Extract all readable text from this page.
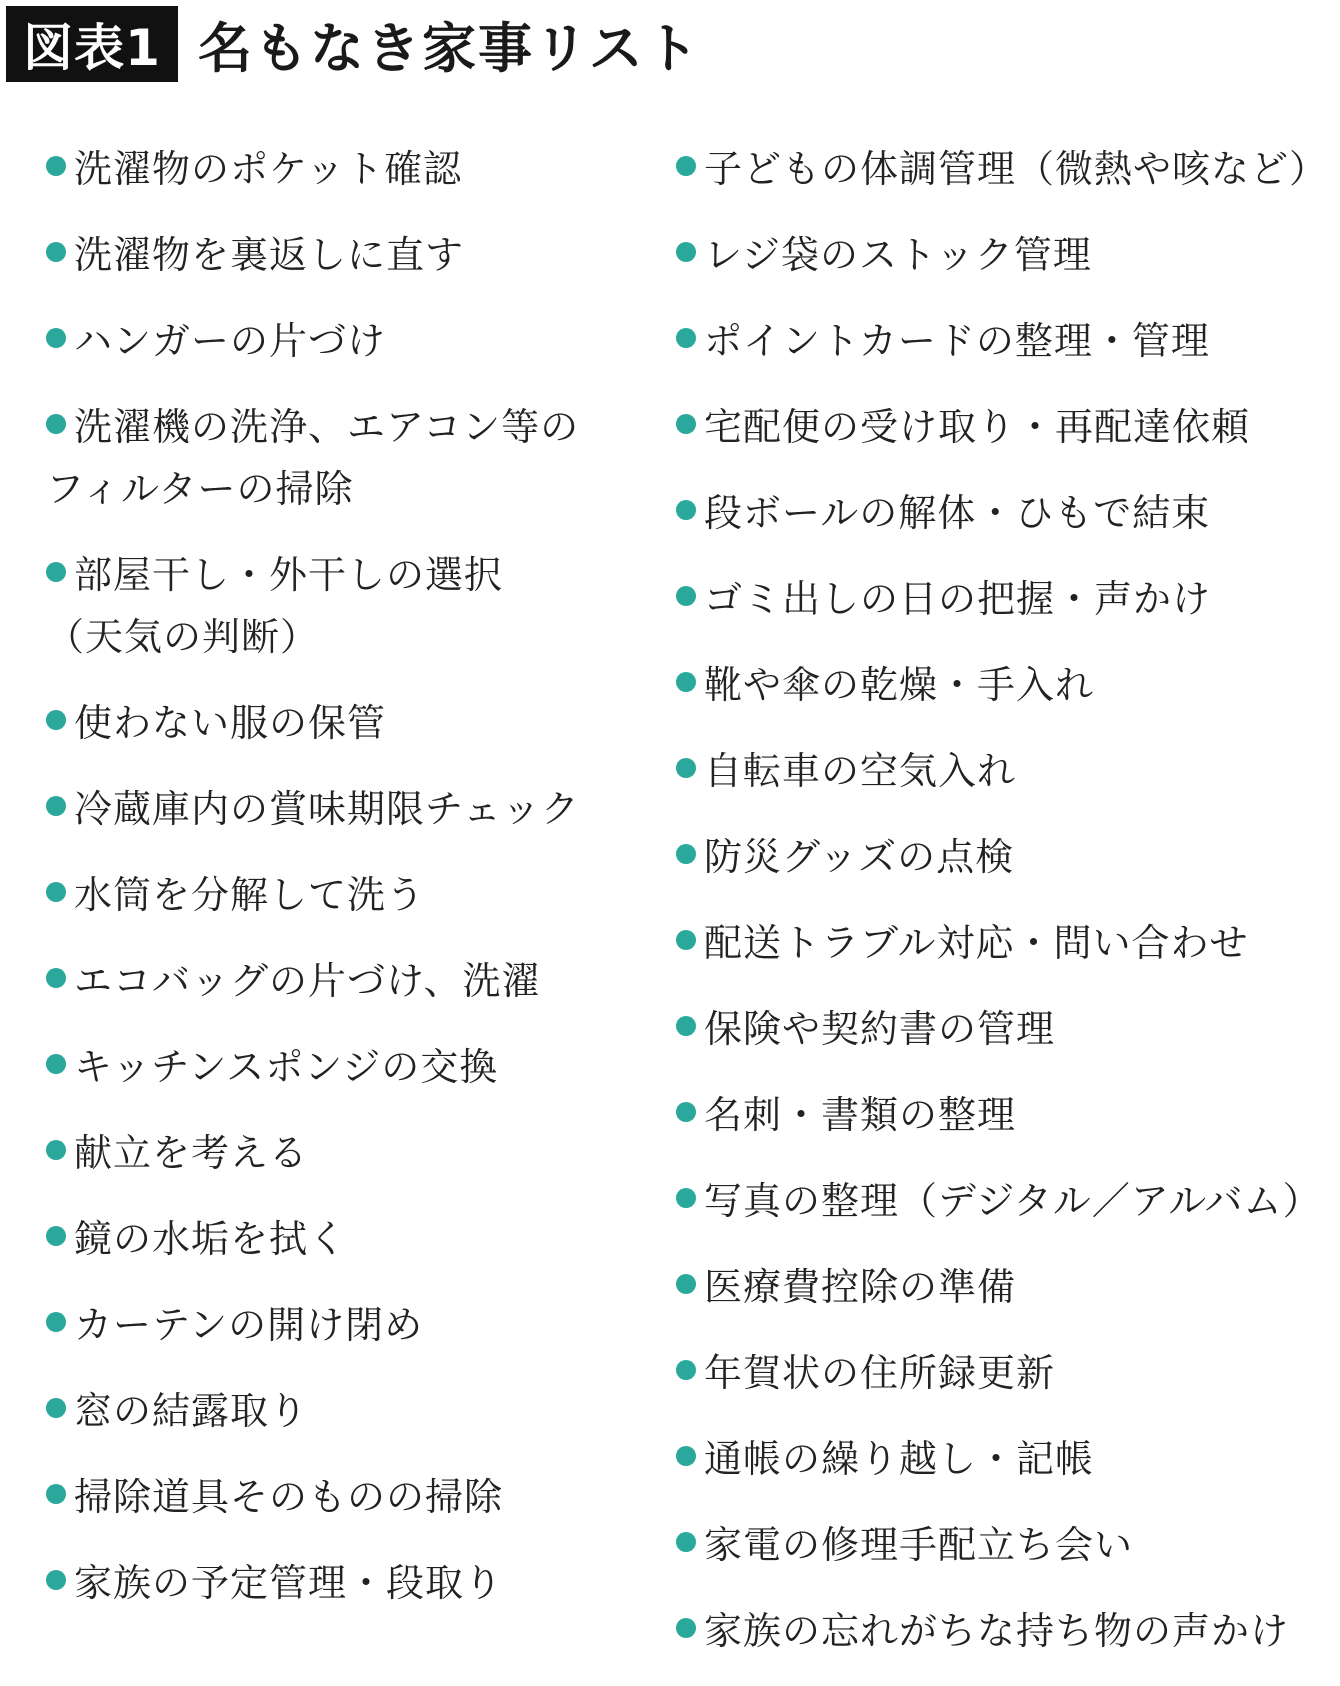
図表1 名もなき家事リスト
洗濯物のポケット確認
洗濯物を裏返しに直す
ハンガーの片づけ
洗濯機の洗浄、エアコン等の
フィルターの掃除
部屋干し・外干しの選択
（天気の判断）
使わない服の保管
冷蔵庫内の賞味期限チェック
水筒を分解して洗う
エコバッグの片づけ、洗濯
キッチンスポンジの交換
献立を考える
鏡の水垢を拭く
カーテンの開け閉め
窓の結露取り
掃除道具そのものの掃除
家族の予定管理・段取り
子どもの体調管理（微熱や咳など）
レジ袋のストック管理
ポイントカードの整理・管理
宅配便の受け取り・再配達依頼
段ボールの解体・ひもで結束
ゴミ出しの日の把握・声かけ
靴や傘の乾燥・手入れ
自転車の空気入れ
防災グッズの点検
配送トラブル対応・問い合わせ
保険や契約書の管理
名刺・書類の整理
写真の整理（デジタル／アルバム）
医療費控除の準備
年賀状の住所録更新
通帳の繰り越し・記帳
家電の修理手配立ち会い
家族の忘れがちな持ち物の声かけ
